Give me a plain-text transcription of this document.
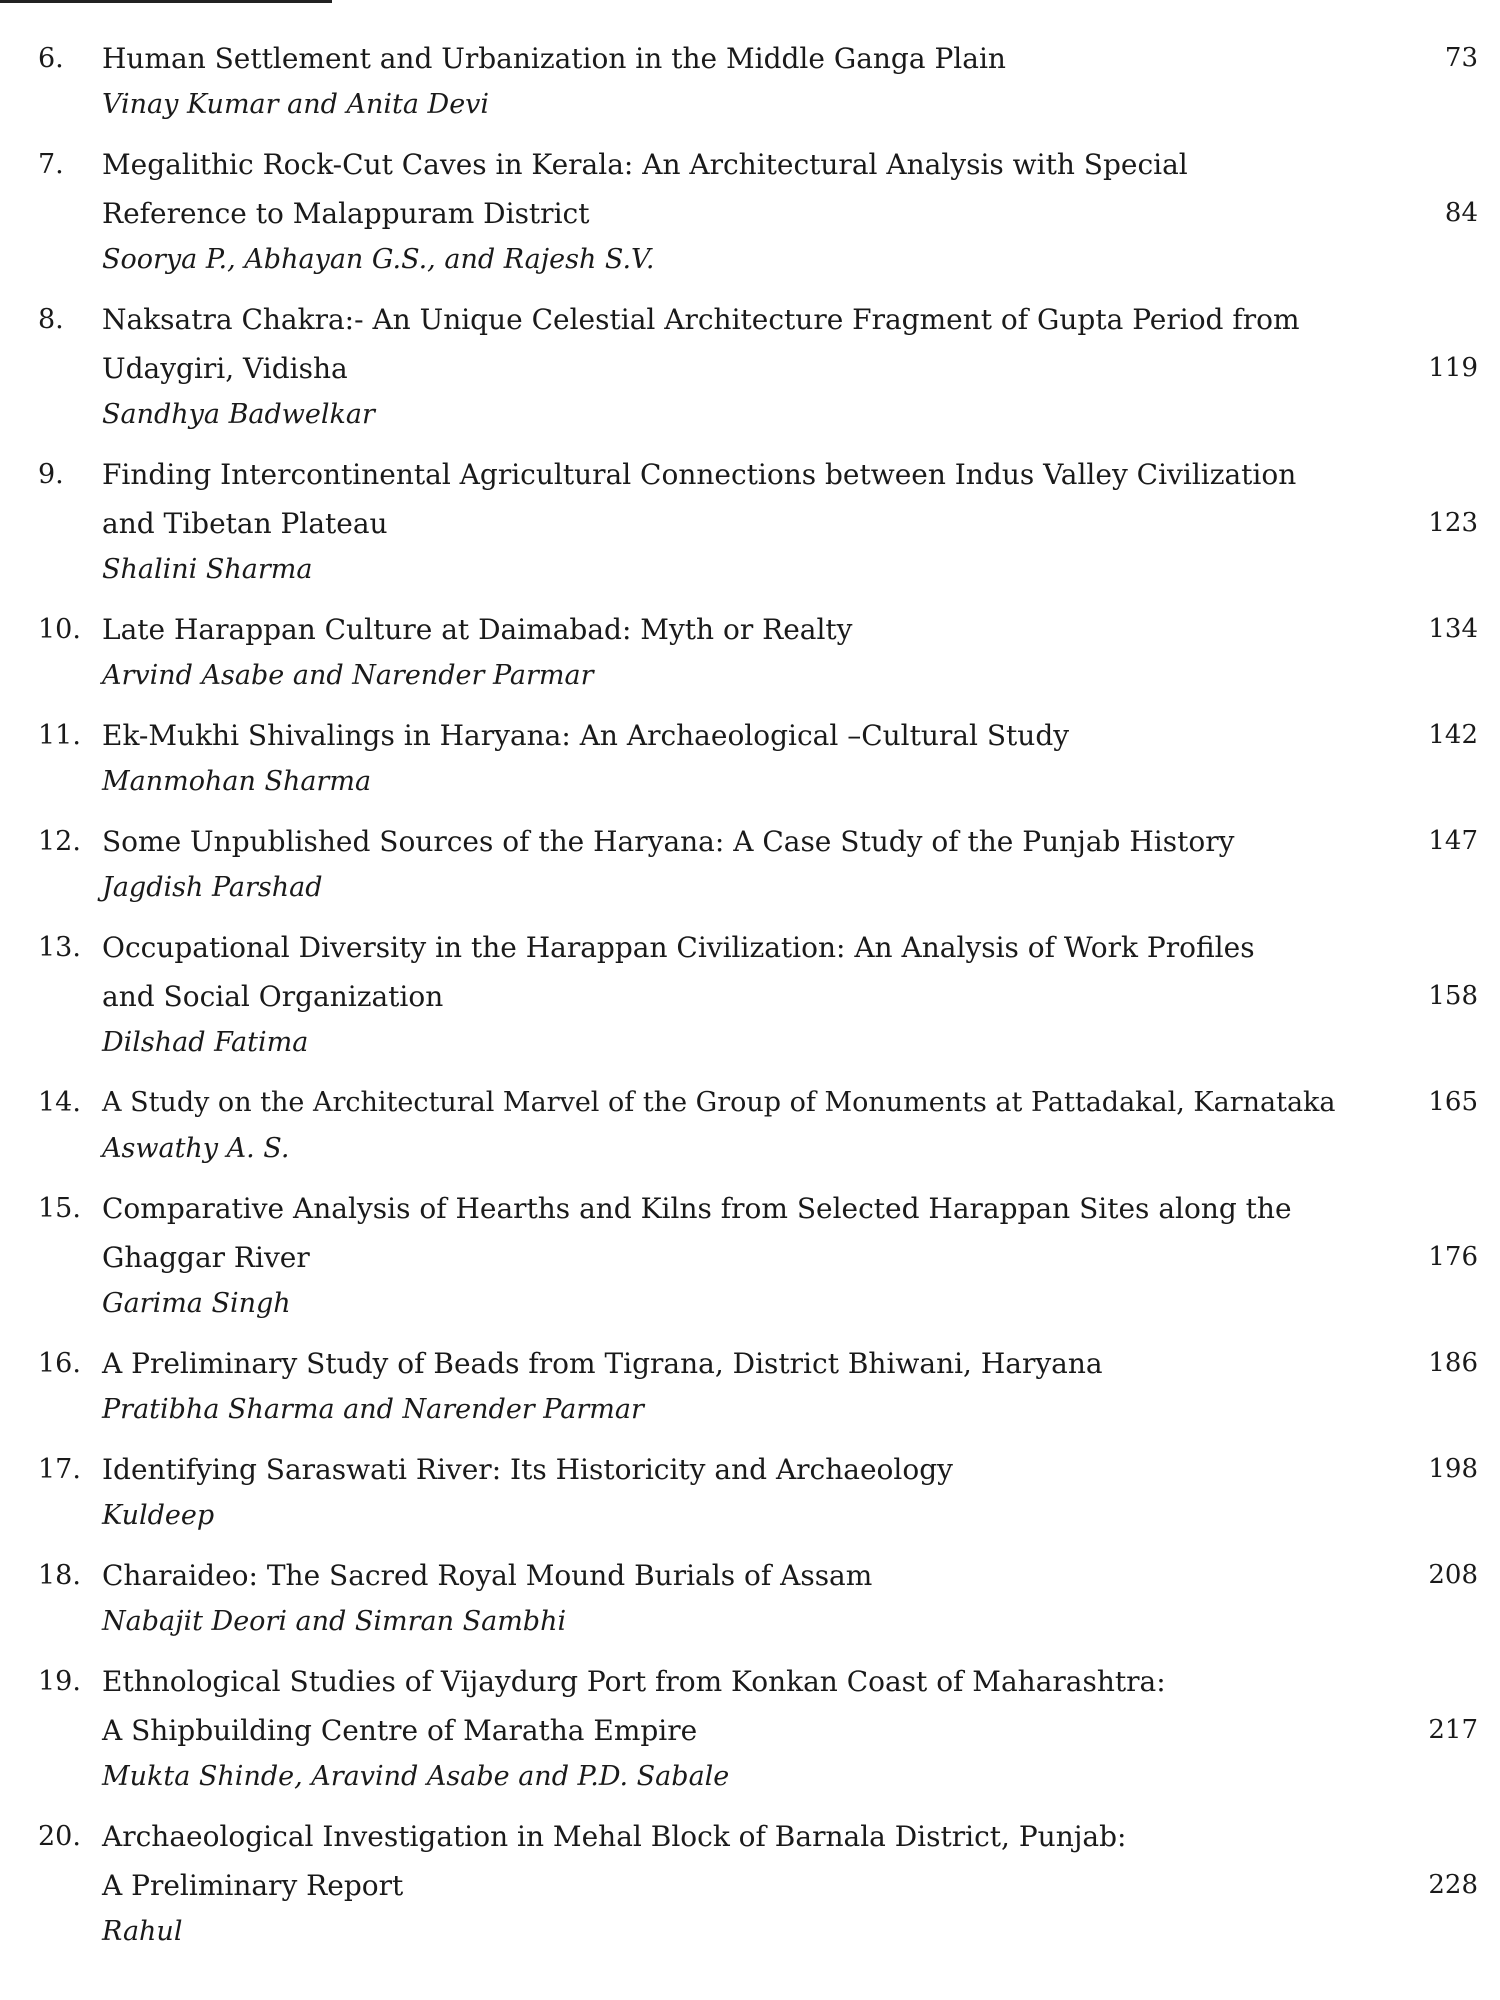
6.	Human Settlement and Urbanization in the Middle Ganga Plain
Vinay Kumar and Anita Devi
73
7.	Megalithic Rock-Cut Caves in Kerala: An Architectural Analysis with Special
Reference to Malappuram District
Soorya P., Abhayan G.S., and Rajesh S.V.
84
8.	Naksatra Chakra:- An Unique Celestial Architecture Fragment of Gupta Period from
Udaygiri, Vidisha
Sandhya Badwelkar
119
9.	Finding Intercontinental Agricultural Connections between Indus Valley Civilization
and Tibetan Plateau
Shalini Sharma
123
10. Late Harappan Culture at Daimabad: Myth or Realty
Arvind Asabe and Narender Parmar
134
11. Ek-Mukhi Shivalings in Haryana: An Archaeological –Cultural Study
Manmohan Sharma
142
12. Some Unpublished Sources of the Haryana: A Case Study of the Punjab History
Jagdish Parshad
147
13. Occupational Diversity in the Harappan Civilization: An Analysis of Work Profiles
and Social Organization
Dilshad Fatima
158
14. A Study on the Architectural Marvel of the Group of Monuments at Pattadakal, Karnataka
Aswathy A. S.
165
15. Comparative Analysis of Hearths and Kilns from Selected Harappan Sites along the
Ghaggar River
Garima Singh
176
16. A Preliminary Study of Beads from Tigrana, District Bhiwani, Haryana
Pratibha Sharma and Narender Parmar
186
17. Identifying Saraswati River: Its Historicity and Archaeology
Kuldeep
198
18. Charaideo: The Sacred Royal Mound Burials of Assam
Nabajit Deori and Simran Sambhi
208
19. Ethnological Studies of Vijaydurg Port from Konkan Coast of Maharashtra:
A Shipbuilding Centre of Maratha Empire
Mukta Shinde, Aravind Asabe and P.D. Sabale
217
20. Archaeological Investigation in Mehal Block of Barnala District, Punjab:
A Preliminary Report
Rahul
228
